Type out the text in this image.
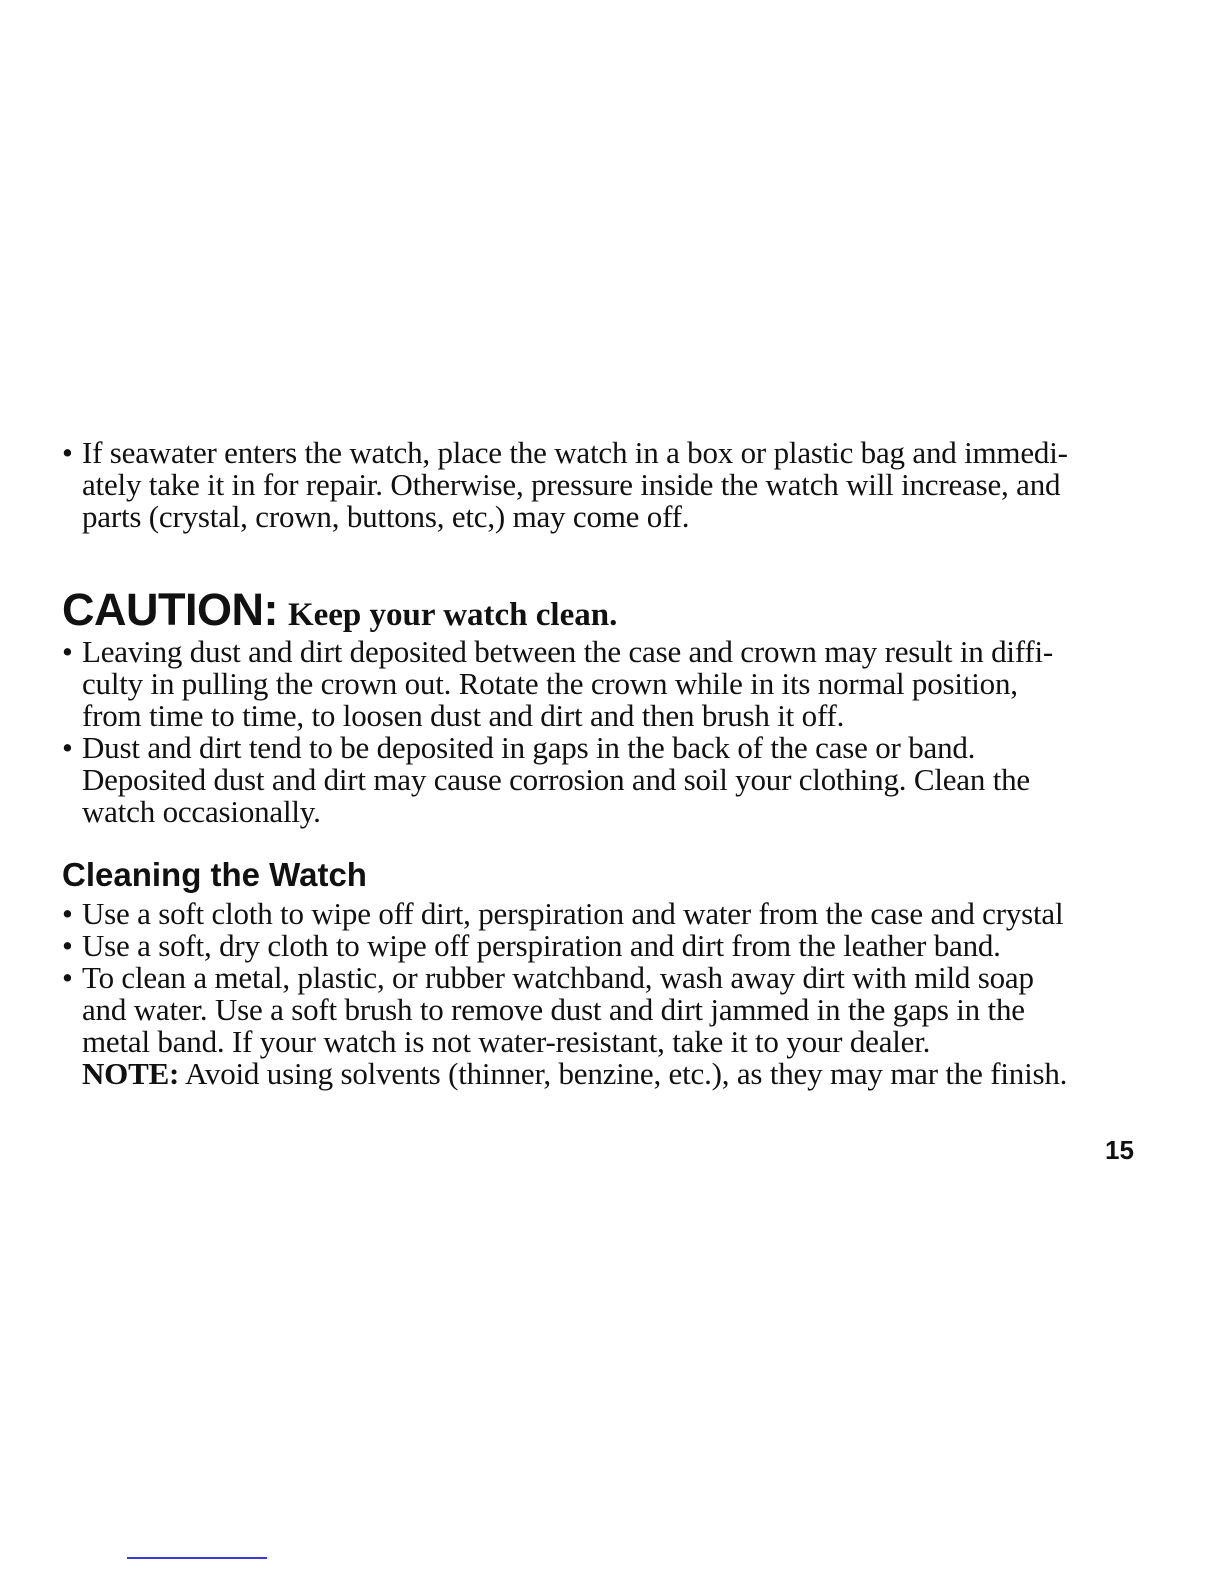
• If seawater enters the watch, place the watch in a box or plastic bag and immedi-
ately take it in for repair. Otherwise, pressure inside the watch will increase, and
parts (crystal, crown, buttons, etc,) may come off.
CAUTION: Keep your watch clean.
• Leaving dust and dirt deposited between the case and crown may result in diffi-
culty in pulling the crown out. Rotate the crown while in its normal position,
from time to time, to loosen dust and dirt and then brush it off.
• Dust and dirt tend to be deposited in gaps in the back of the case or band.
Deposited dust and dirt may cause corrosion and soil your clothing. Clean the
watch occasionally.
Cleaning the Watch
• Use a soft cloth to wipe off dirt, perspiration and water from the case and crystal
• Use a soft, dry cloth to wipe off perspiration and dirt from the leather band.
• To clean a metal, plastic, or rubber watchband, wash away dirt with mild soap
and water. Use a soft brush to remove dust and dirt jammed in the gaps in the
metal band. If your watch is not water-resistant, take it to your dealer.
NOTE: Avoid using solvents (thinner, benzine, etc.), as they may mar the finish.
15
